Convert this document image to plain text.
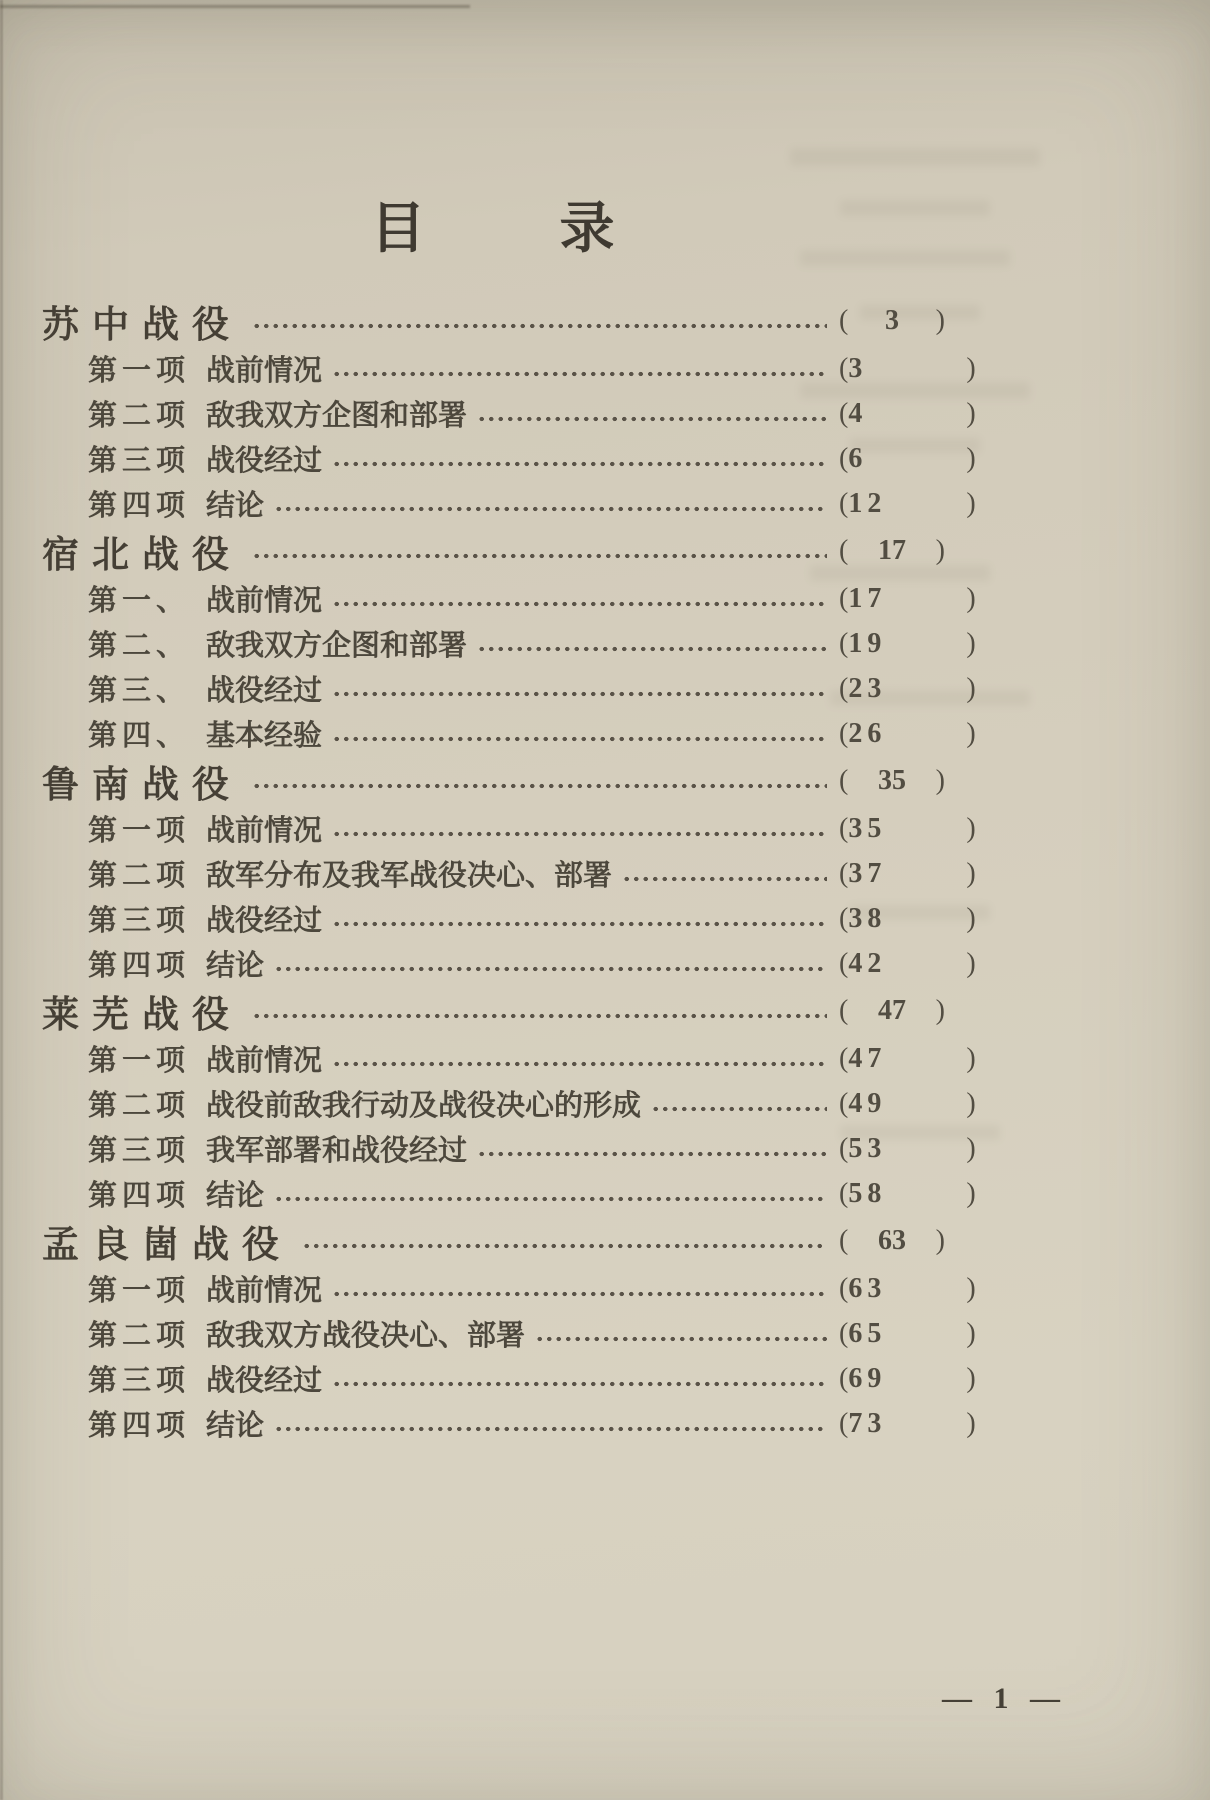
目 录
苏中战役	( 3 )
第一项 战前情况	( 3	)
第二项 敌我双方企图和部署	( 4	)
第三项 战役经过	( 6	)
第四项 结论	( 12	)
宿北战役	( 17 )
第一、 战前情况	( 17	)
第二、 敌我双方企图和部署	( 19	)
第三、 战役经过	( 23	)
第四、 基本经验	( 26	)
鲁南战役	( 35 )
第一项 战前情况	( 35	)
第二项 敌军分布及我军战役决心、部署	( 37	)
第三项 战役经过	( 38	)
第四项 结论	( 42	)
莱芜战役	( 47 )
第一项 战前情况	( 47	)
第二项 战役前敌我行动及战役决心的形成	( 49	)
第三项 我军部署和战役经过	( 53	)
第四项 结论	( 58	)
孟良崮战役	( 63 )
第一项 战前情况	( 63	)
第二项 敌我双方战役决心、部署	( 65	)
第三项 战役经过	( 69	)
第四项 结论	( 73	)
— 1 —
